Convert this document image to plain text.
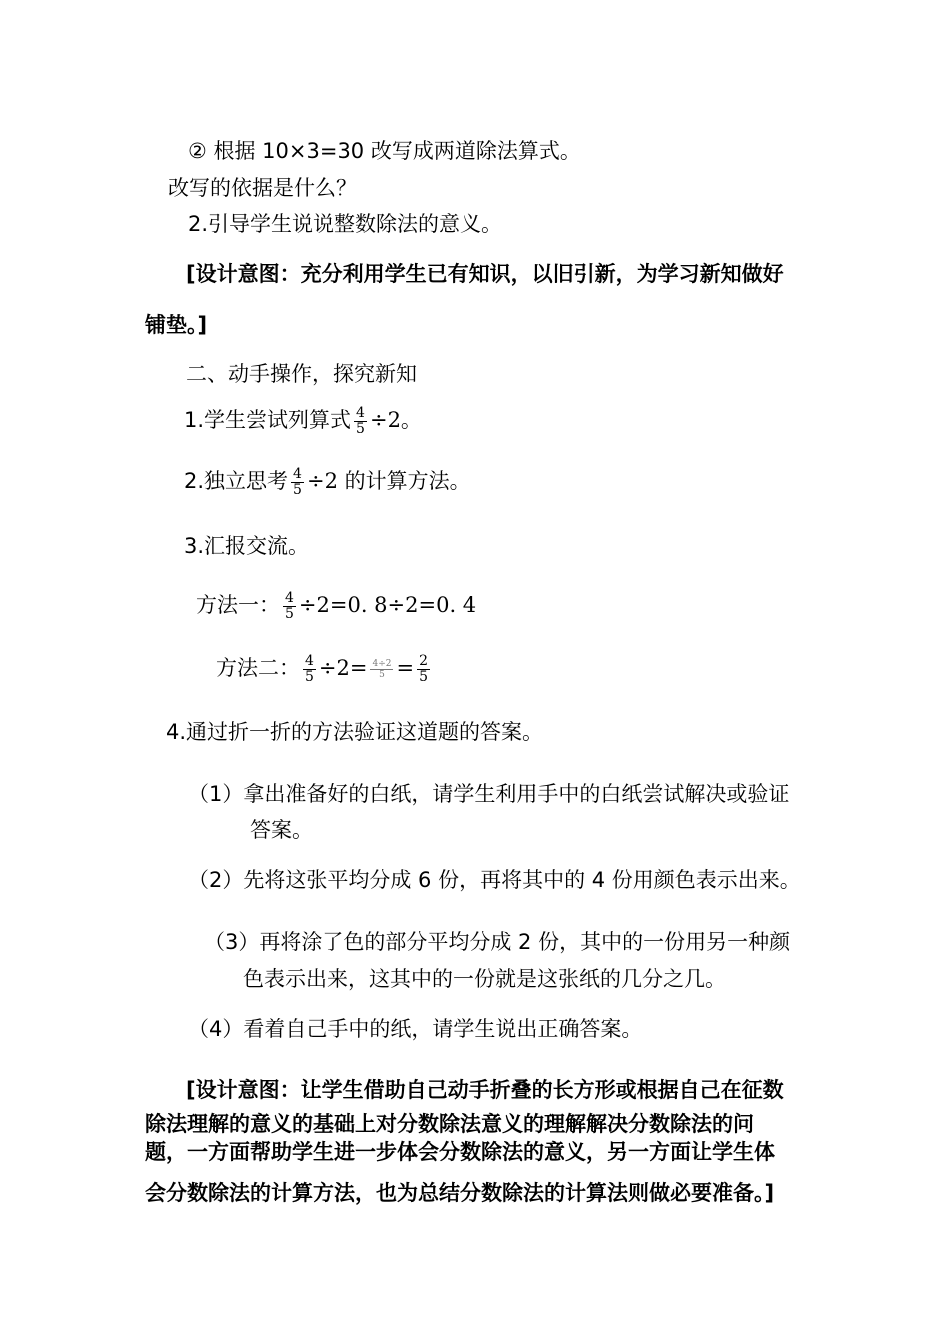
② 根据 10×3=30 改写成两道除法算式。
改写的依据是什么？
2.引导学生说说整数除法的意义。
[设计意图：充分利用学生已有知识，以旧引新，为学习新知做好
铺垫。]
二、动手操作，探究新知
1.学生尝试列算式 $\frac{4}{5} \div 2$。
2.独立思考 $\frac{4}{5} \div 2$ 的计算方法。
3.汇报交流。
方法一： $\frac{4}{5} \div 2=0$. 8÷2=0. 4
方法二： $\frac{4}{5} \div 2= \frac{4\div 2}{5} = \frac{2}{5}$
4.通过折一折的方法验证这道题的答案。
（1）拿出准备好的白纸，请学生利用手中的白纸尝试解决或验证
答案。
（2）先将这张平均分成 6 份，再将其中的 4 份用颜色表示出来。
（3）再将涂了色的部分平均分成 2 份，其中的一份用另一种颜
色表示出来，这其中的一份就是这张纸的几分之几。
（4）看着自己手中的纸，请学生说出正确答案。
[设计意图：让学生借助自己动手折叠的长方形或根据自己在征数
除法理解的意义的基础上对分数除法意义的理解解决分数除法的问
题，一方面帮助学生进一步体会分数除法的意义，另一方面让学生体
会分数除法的计算方法，也为总结分数除法的计算法则做必要准备。]
